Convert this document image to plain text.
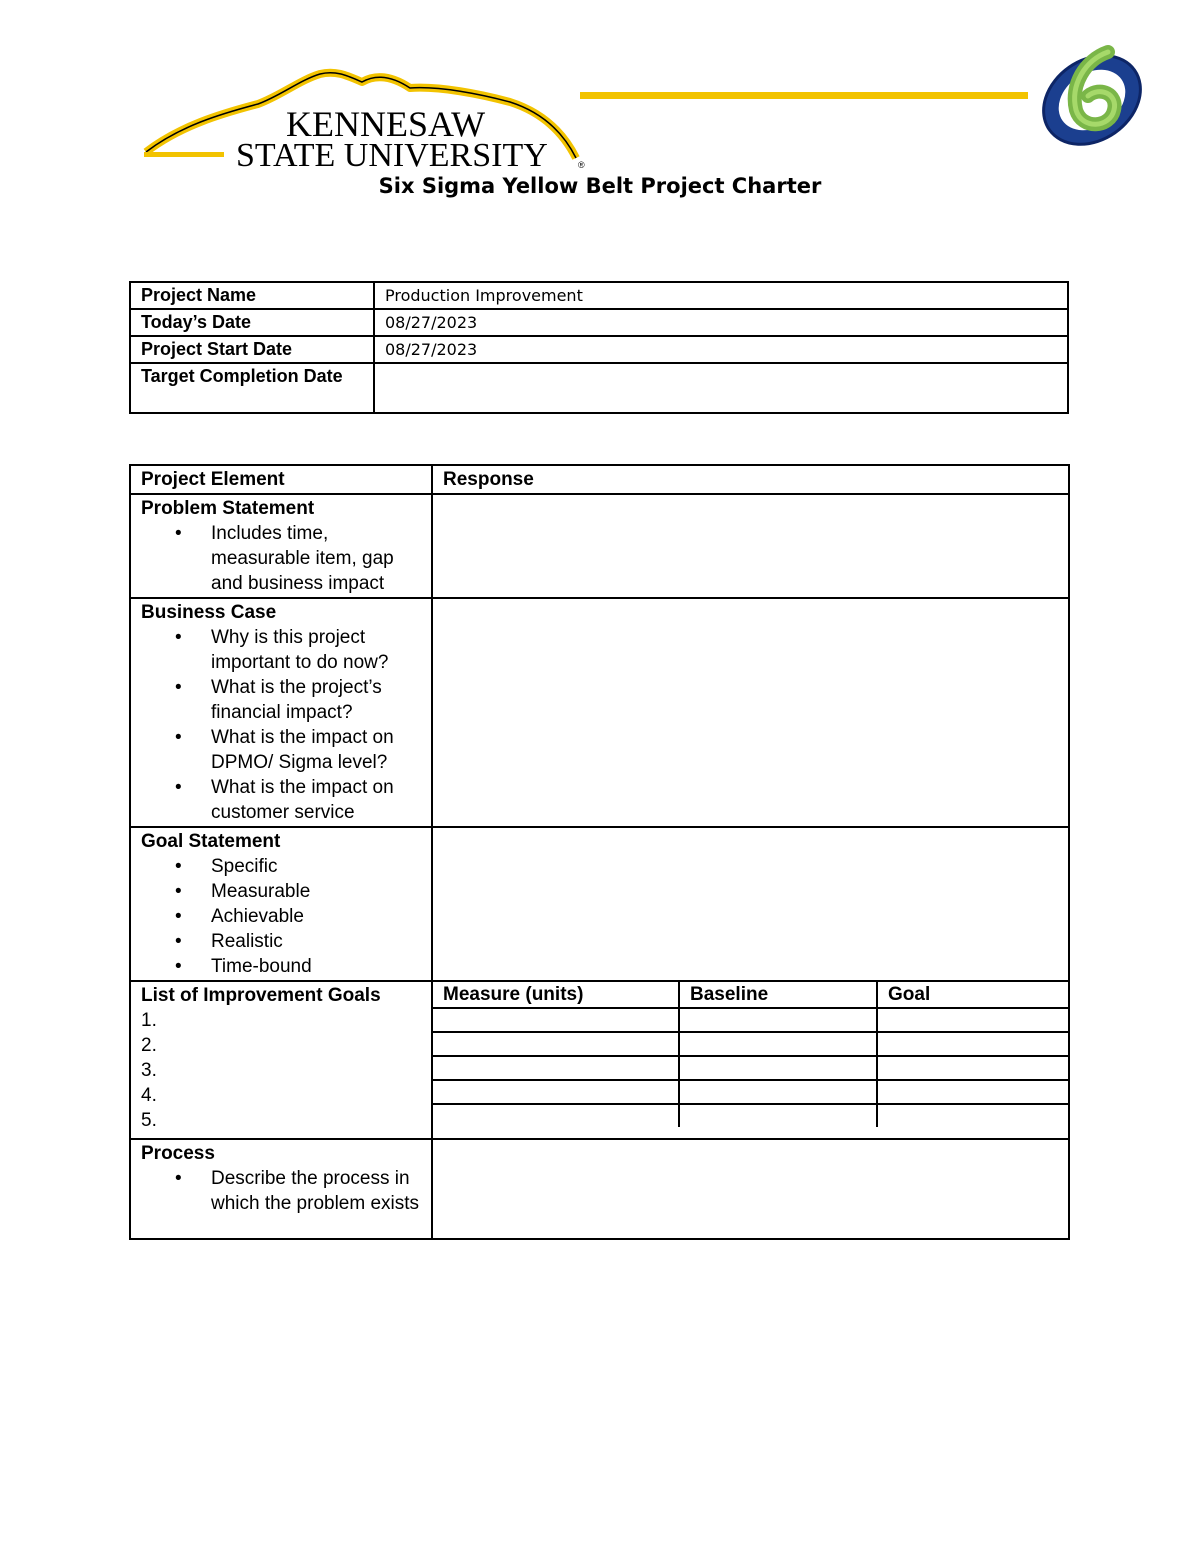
KENNESAW
STATE UNIVERSITY	®
Six Sigma Yellow Belt Project Charter
Project Name	Production Improvement
Today’s Date	08/27/2023
Project Start Date	08/27/2023
Target Completion Date	
Project Element	Response

Problem Statement
• Includes time, measurable item, gap and business impact

Business Case
• Why is this project important to do now?
• What is the project’s financial impact?
• What is the impact on DPMO/ Sigma level?
• What is the impact on customer service

Goal Statement
• Specific
• Measurable
• Achievable
• Realistic
• Time-bound

List of Improvement Goals
1.
2.
3.
4.
5.

Measure (units)	Baseline	Goal

Process
• Describe the process in which the problem exists
